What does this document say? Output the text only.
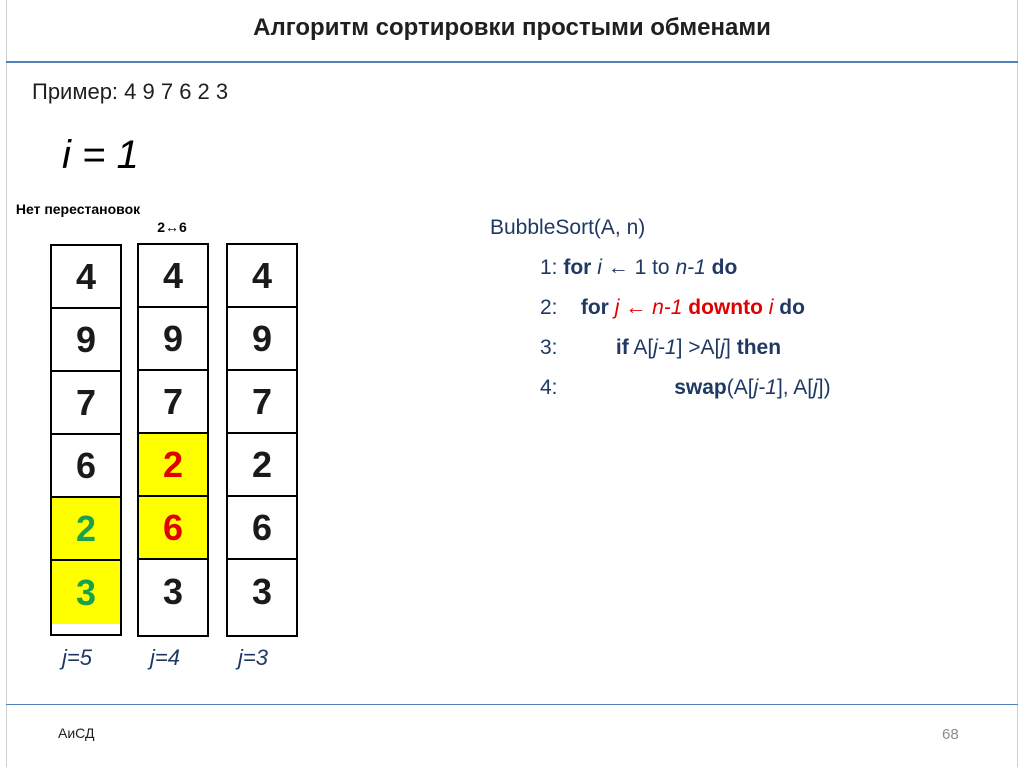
Алгоритм сортировки простыми обменами
Пример: 4 9 7 6 2 3
i = 1
Нет перестановок
4
9
7
6
2
3
j=5
2↔6
4
9
7
2
6
3
j=4
4
9
7
2
6
3
j=3
BubbleSort(A, n)
1: for i ← 1 to n-1 do
2: for j ← n-1 downto i do
3:	if A[j-1] >A[j] then
4:	swap(A[j-1], A[j])
АиСД	68
